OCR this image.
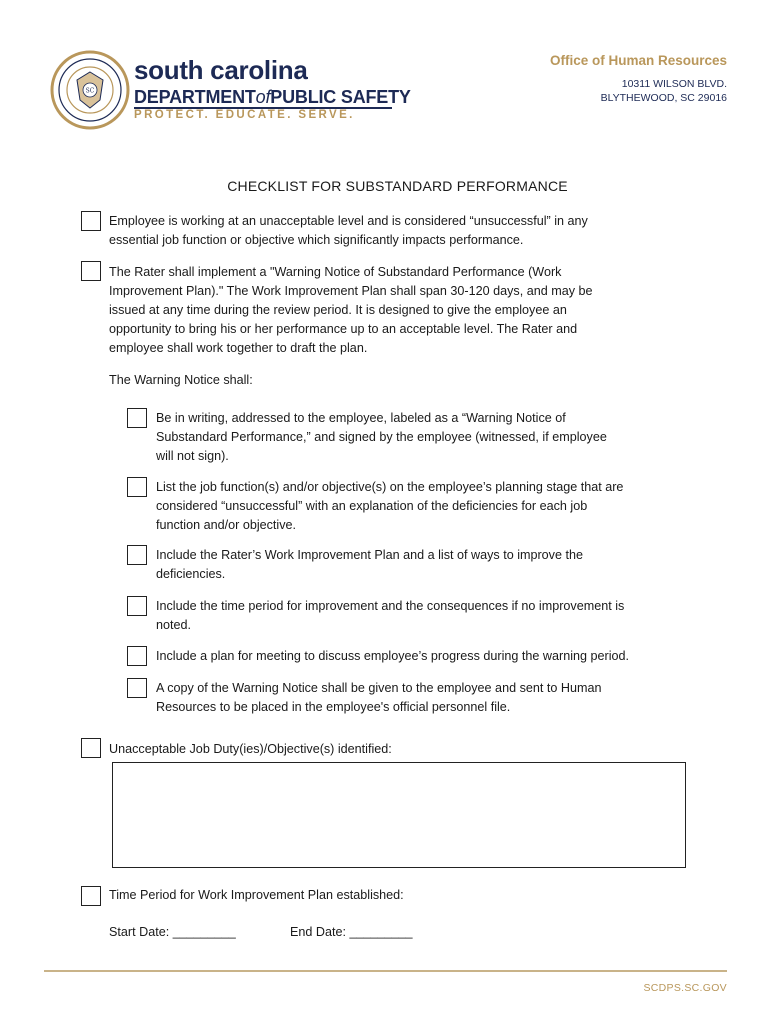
SC
south carolina
DEPARTMENTofPUBLIC SAFETY
PROTECT. EDUCATE. SERVE.
Office of Human Resources
10311 WILSON BLVD.
BLYTHEWOOD, SC 29016
CHECKLIST FOR SUBSTANDARD PERFORMANCE
Employee is working at an unacceptable level and is considered “unsuccessful” in any
essential job function or objective which significantly impacts performance.
The Rater shall implement a "Warning Notice of Substandard Performance (Work
Improvement Plan)." The Work Improvement Plan shall span 30-120 days, and may be
issued at any time during the review period. It is designed to give the employee an
opportunity to bring his or her performance up to an acceptable level. The Rater and
employee shall work together to draft the plan.
The Warning Notice shall:
Be in writing, addressed to the employee, labeled as a “Warning Notice of
Substandard Performance,” and signed by the employee (witnessed, if employee
will not sign).
List the job function(s) and/or objective(s) on the employee’s planning stage that are
considered “unsuccessful” with an explanation of the deficiencies for each job
function and/or objective.
Include the Rater’s Work Improvement Plan and a list of ways to improve the
deficiencies.
Include the time period for improvement and the consequences if no improvement is
noted.
Include a plan for meeting to discuss employee’s progress during the warning period.
A copy of the Warning Notice shall be given to the employee and sent to Human
Resources to be placed in the employee's official personnel file.
Unacceptable Job Duty(ies)/Objective(s) identified:
Time Period for Work Improvement Plan established:
Start Date: _________	End Date: _________
SCDPS.SC.GOV
